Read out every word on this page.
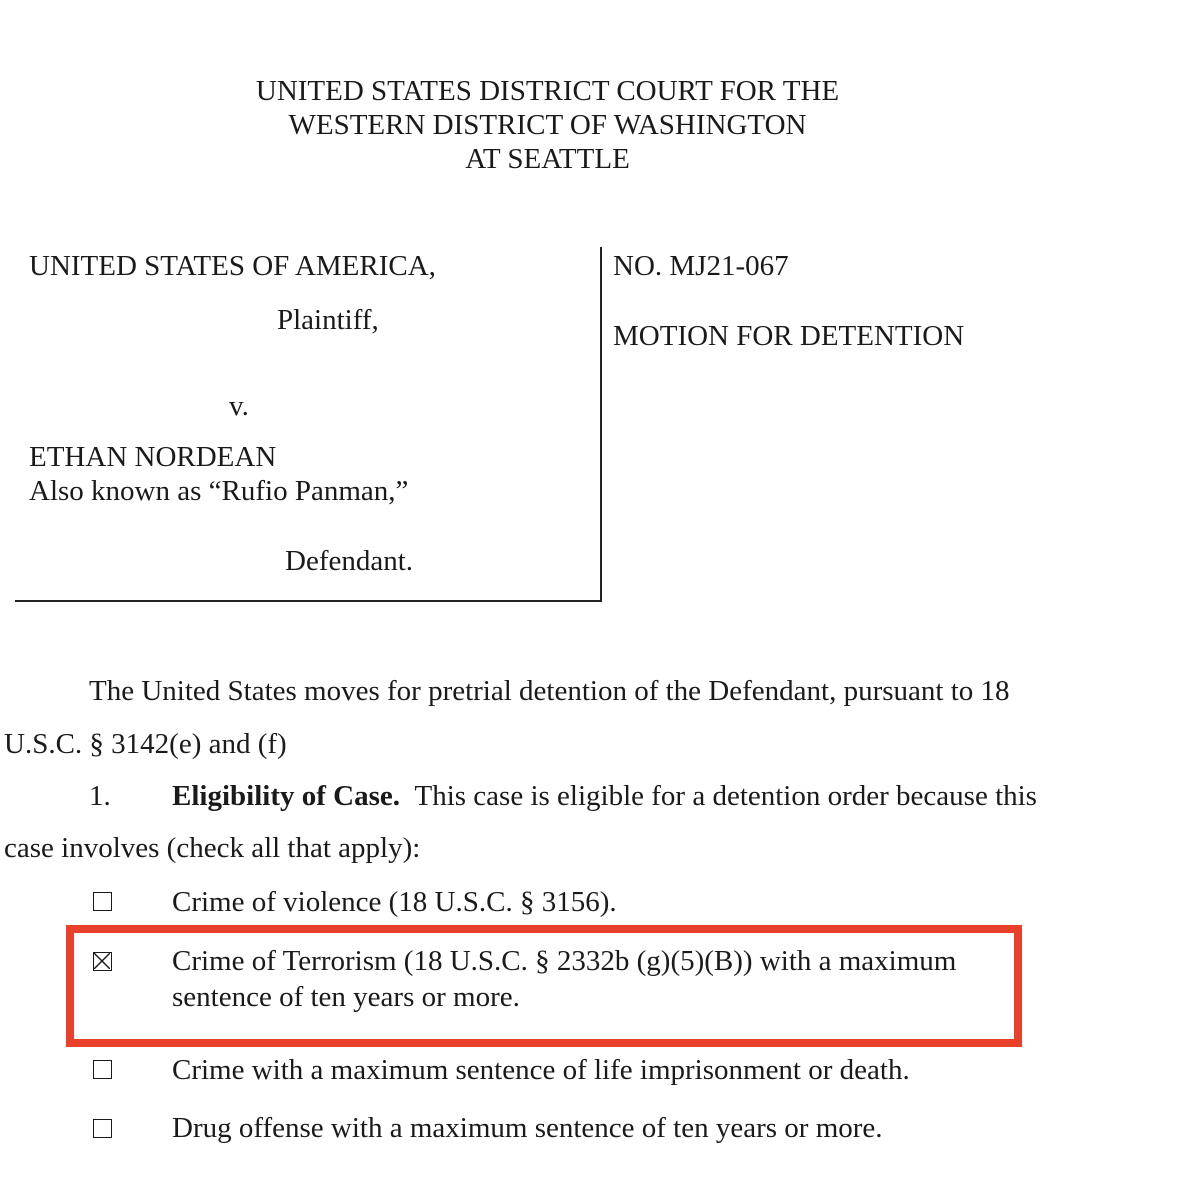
UNITED STATES DISTRICT COURT FOR THE
WESTERN DISTRICT OF WASHINGTON
AT SEATTLE
UNITED STATES OF AMERICA,
Plaintiff,
v.
ETHAN NORDEAN
Also known as “Rufio Panman,”
Defendant.
NO. MJ21-067
MOTION FOR DETENTION
The United States moves for pretrial detention of the Defendant, pursuant to 18
U.S.C. § 3142(e) and (f)
1. Eligibility of Case. This case is eligible for a detention order because this
case involves (check all that apply):
Crime of violence (18 U.S.C. § 3156).
Crime of Terrorism (18 U.S.C. § 2332b (g)(5)(B)) with a maximum
sentence of ten years or more.
Crime with a maximum sentence of life imprisonment or death.
Drug offense with a maximum sentence of ten years or more.
